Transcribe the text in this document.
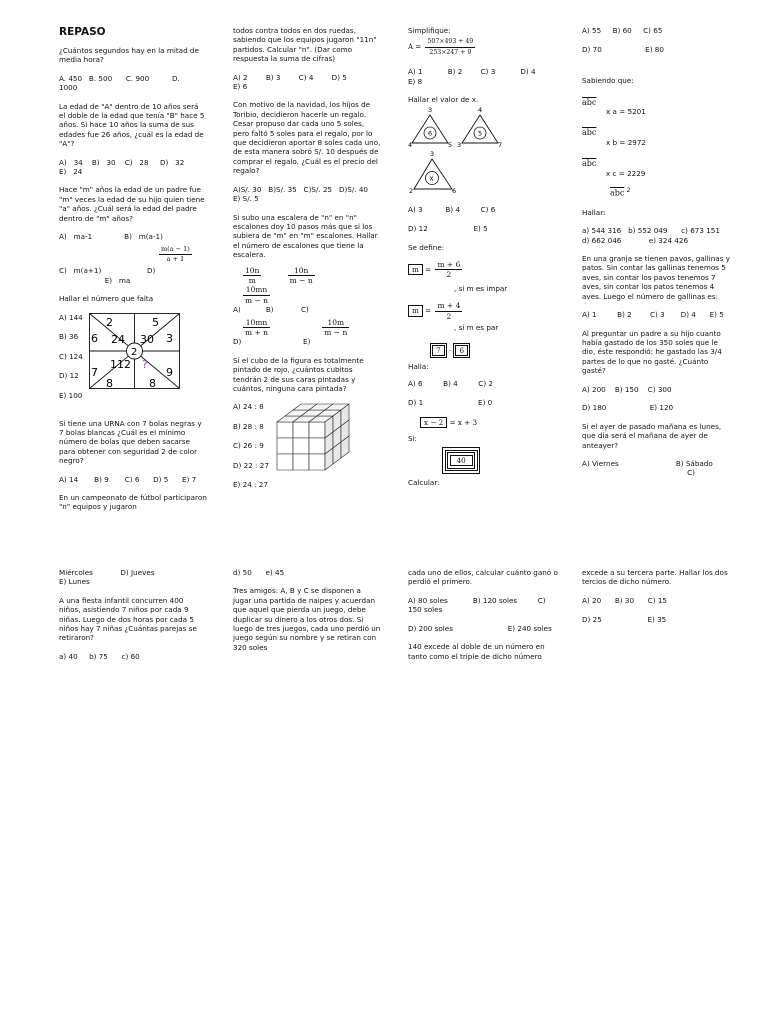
REPASO

¿Cuántos segundos hay en la mitad de media hora?

A. 450   B. 500      C. 900          D.
1000

La edad de "A" dentro de 10 años será el doble de la edad que tenía "B" hace 5 años. Si hace 10 años la suma de sus edades fue 26 años, ¿cuál es la edad de "A"?

A)   34    B)   30    C)   28     D)   32
E)   24

Hace "m" años la edad de un padre fue "m" veces la edad de su hijo quien tiene "a" años. ¿Cuál será la edad del padre dentro de "m" años?

A)   ma-1              B)   m(a-1)
$\frac{m(a - 1)}{a + 1}$
C)   m(a+1)                    D)

E)   ma

Hallar el número que falta

A) 144
B) 36
C) 124
D) 12
E) 100
2	5
6 24 30 3
2
112 ?
7	9
8	8

Si tiene una URNA con 7 bolas negras y 7 bolas blancas ¿Cuál es el mínimo número de bolas que deben sacarse para obtener con seguridad 2 de color negro?

A) 14       B) 9       C) 6      D) 5      E) 7

En un campeonato de fútbol participaron "n" equipos y jugaron

todos contra todos en dos ruedas, sabiendo que los equipos jugaron "11n" partidos. Calcular "n". (Dar como respuesta la suma de cifras)

A) 2        B) 3        C) 4        D) 5
E) 6

Con motivo de la navidad, los hijos de Toribio, decidieron hacerle un regalo. Cesar propuso dar cada uno 5 soles, pero faltó 5 soles para el regalo, por lo que decidieron aportar 8 soles cada uno, de esta manera sobró S/. 10 después de comprar el regalo. ¿Cuál es el precio del regalo?

A)S/. 30   B)S/. 35   C)S/. 25   D)S/. 40
E) S/. 5

Si subo una escalera de "n" en "n" escalones doy 10 pasos más que si los subiera de "m" en "m" escalones. Hallar el número de escalones que tiene la escalera.

$\frac{10n}{m}$
	$\frac{10n}{m - n}$

$\frac{10mn}{m - n}$
A)           B)            C)
$\frac{10mn}{m + n}$
	$\frac{10m}{m - n}$

D)                           E)

Si el cubo de la figura es totalmente pintado de rojo, ¿cuántos cubitos tendrán 2 de sus caras pintadas y cuántos, ninguna cara pintada?

A) 24 : 8
B) 28 : 8
C) 26 : 9
D) 22 : 27
E) 24 : 27
Simplifique:
$A = \frac{507\times 493 + 49}{253\times 247 + 9}$

A) 1           B) 2        C) 3           D) 4
E) 8

Hallar el valor de x.
3
4	5
6
4
3	7
5
3
2	6
x

A) 3          B) 4         C) 6

D) 12                    E) 5

Se define:
$m = \frac{m + 6}{2}$
, si m es impar
$m = \frac{m + 4}{2}$
, si m es par
7 · 6
Halla:

A) 6         B) 4         C) 2

D) 1                        E) 0

x − 2 = x + 3
Si:
40
Calcular:

A) 55     B) 60     C) 65

D) 70                   E) 80

Sabiendo que:

$\overline{abc}$
x a = 5201
$\overline{abc}$
x b = 2972
$\overline{abc}$
x c = 2229
$\overline{abc}$ $^2$

Hallar:

a) 544 316   b) 552 049      c) 673 151
d) 662 046            e) 324 426

En una granja se tienen pavos, gallinas y patos. Sin contar las gallinas tenemos 5 aves, sin contar los pavos tenemos 7 aves, sin contar los patos tenemos 4 aves. Luego el número de gallinas es:

A) 1         B) 2        C) 3       D) 4      E) 5

Al preguntar un padre a su hijo cuanto había gastado de los 350 soles que le dio, éste respondió: he gastado las 3/4 partes de lo que no gasté. ¿Cuánto gasté?

A) 200    B) 150    C) 300

D) 180                   E) 120

Si el ayer de pasado mañana es lunes, que día será el mañana de ayer de anteayer?

A) Viernes                         B) Sábado
C)

Miércoles            D) Jueves
E) Lunes

A una fiesta infantil concurren 400 niños, asistiendo 7 niños por cada 9 niñas. Luego de dos horas por cada 5 niños hay 7 niñas ¿Cuántas parejas se retiraron?

a) 40     b) 75      c) 60

d) 50      e) 45

Tres amigos: A, B y C se disponen a jugar una partida de naipes y acuerdan que aquel que pierda un juego, debe duplicar su dinero a los otros dos. Si luego de tres juegos, cada uno perdió un juego según su nombre y se retiran con 320 soles

cada uno de ellos, calcular cuánto ganó o perdió el primero.

A) 80 soles           B) 120 soles         C)
150 soles

D) 200 soles                        E) 240 soles

140 excede al doble de un número en tanto como el triple de dicho número

excede a su tercera parte. Hallar los dos tercios de dicho número.

A) 20      B) 30      C) 15

D) 25                    E) 35
